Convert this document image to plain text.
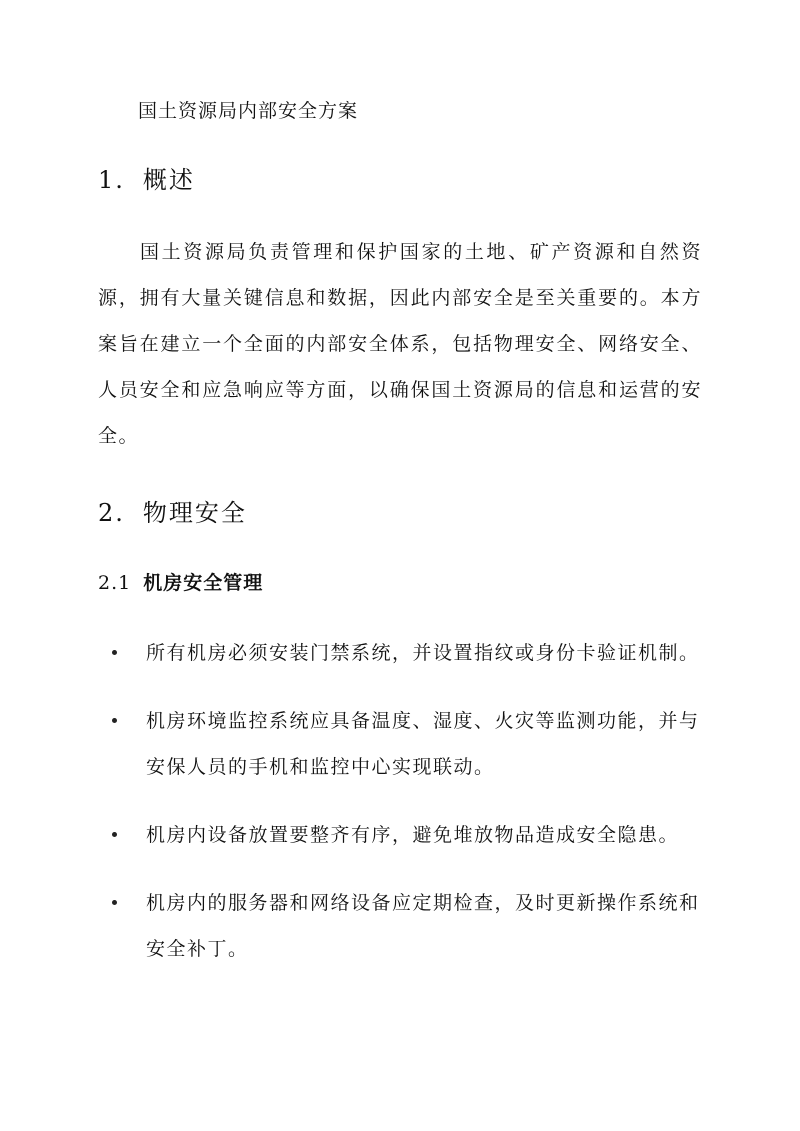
国土资源局内部安全方案
1. 概述

国土资源局负责管理和保护国家的土地、矿产资源和自然资源，拥有大量关键信息和数据，因此内部安全是至关重要的。本方案旨在建立一个全面的内部安全体系，包括物理安全、网络安全、人员安全和应急响应等方面，以确保国土资源局的信息和运营的安全。

2. 物理安全
2.1 机房安全管理
所有机房必须安装门禁系统，并设置指纹或身份卡验证机制。
机房环境监控系统应具备温度、湿度、火灾等监测功能，并与安保人员的手机和监控中心实现联动。
机房内设备放置要整齐有序，避免堆放物品造成安全隐患。
机房内的服务器和网络设备应定期检查，及时更新操作系统和安全补丁。
